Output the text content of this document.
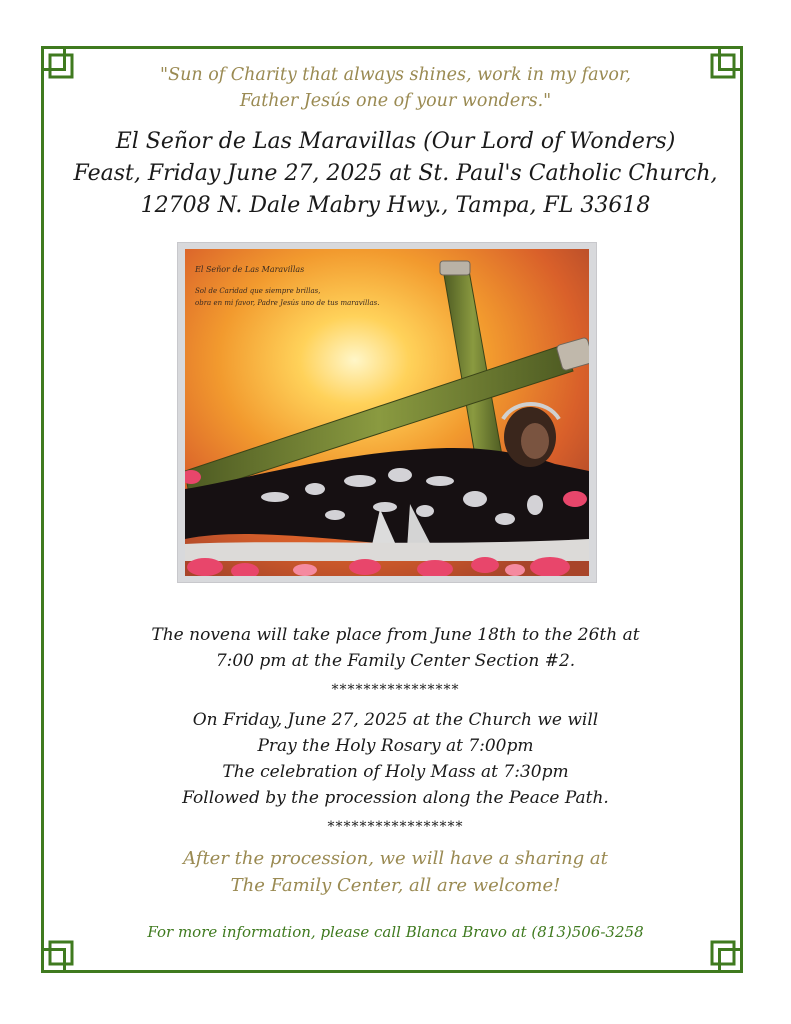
"Sun of Charity that always shines, work in my favor,
Father Jesús one of your wonders."
El Señor de Las Maravillas (Our Lord of Wonders)
Feast, Friday June 27, 2025 at St. Paul's Catholic Church,
12708 N. Dale Mabry Hwy., Tampa, FL 33618
El Señor de Las Maravillas
Sol de Caridad que siempre brillas,
obra en mi favor, Padre Jesús uno de tus maravillas.
The novena will take place from June 18th to the 26th at
7:00 pm at the Family Center Section #2.
****************
On Friday, June 27, 2025 at the Church we will
Pray the Holy Rosary at 7:00pm
The celebration of Holy Mass at 7:30pm
Followed by the procession along the Peace Path.
*****************
After the procession, we will have a sharing at
The Family Center, all are welcome!
For more information, please call Blanca Bravo at (813)506-3258
